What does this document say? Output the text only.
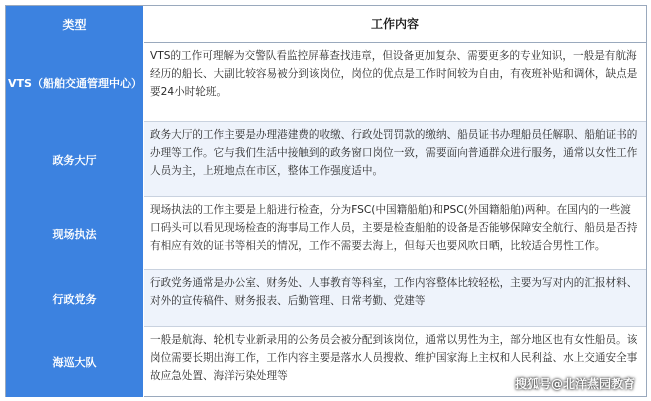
类型	工作内容
VTS（船舶交通管理中心）
VTS的工作可理解为交警队看监控屏幕查找违章，但设备更加复杂、需要更多的专业知识，一般是有航海经历的船长、大副比较容易被分到该岗位，岗位的优点是工作时间较为自由，有夜班补贴和调休，缺点是要24小时轮班。
政务大厅
政务大厅的工作主要是办理港建费的收缴、行政处罚罚款的缴纳、船员证书办理船员任解职、船舶证书的办理等工作。它与我们生活中接触到的政务窗口岗位一致，需要面向普通群众进行服务，通常以女性工作人员为主，上班地点在市区，整体工作强度适中。
现场执法
现场执法的工作主要是上船进行检查，分为FSC(中国籍船舶)和PSC(外国籍船舶)两种。在国内的一些渡口码头可以看见现场检查的海事局工作人员，主要是检查船舶的设备是否能够保障安全航行、船员是否持有相应有效的证书等相关的情况，工作不需要去海上，但每天也要风吹日晒，比较适合男性工作。
行政党务
行政党务通常是办公室、财务处、人事教育等科室，工作内容整体比较轻松，主要为写对内的汇报材料、对外的宣传稿件、财务报表、后勤管理、日常考勤、党建等
海巡大队
一般是航海、轮机专业新录用的公务员会被分配到该岗位，通常以男性为主，部分地区也有女性船员。该岗位需要长期出海工作，工作内容主要是落水人员搜救、维护国家海上主权和人民利益、水上交通安全事故应急处置、海洋污染处理等
搜狐号@北洋燕园教育
